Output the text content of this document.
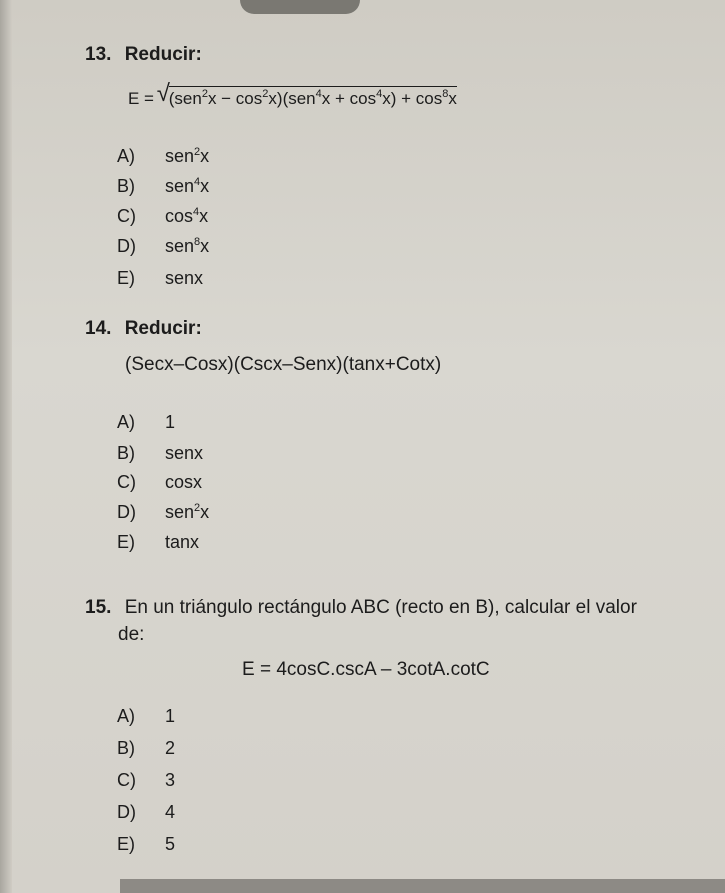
13. Reducir:
E = √
$(sen^2x - \cos^2x)(sen^4x + \cos^4x) + \cos^8x$
A) sen$^2$x
B) sen$^4$x
C) $\cos^4x$
D) sen$^8$x
E) senx
14. Reducir:
(Secx–Cosx)(Cscx–Senx)(tanx+Cotx)
A) 1
B) senx
C) cosx
D) sen$^2$x
E) tanx
15. En un triángulo rectángulo ABC (recto en B), calcular el valor
de:
E = 4cosC.cscA – 3cotA.cotC
A) 1
B) 2
C) 3
D) 4
E) 5
